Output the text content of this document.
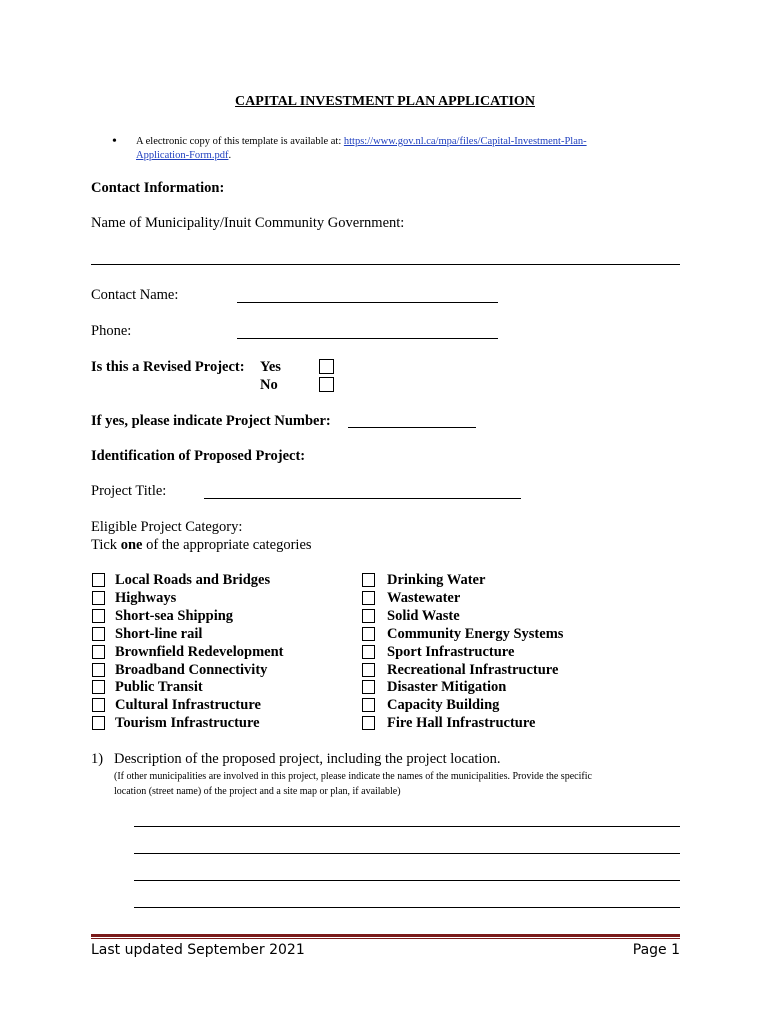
CAPITAL INVESTMENT PLAN APPLICATION
• A electronic copy of this template is available at: https://www.gov.nl.ca/mpa/files/Capital-Investment-Plan-
Application-Form.pdf.
Contact Information:
Name of Municipality/Inuit Community Government:
Contact Name:
Phone:
Is this a Revised Project: Yes
No
If yes, please indicate Project Number:
Identification of Proposed Project:
Project Title:
Eligible Project Category:
Tick one of the appropriate categories
Local Roads and Bridges
Highways
Short-sea Shipping
Short-line rail
Brownfield Redevelopment
Broadband Connectivity
Public Transit
Cultural Infrastructure
Tourism Infrastructure
Drinking Water
Wastewater
Solid Waste
Community Energy Systems
Sport Infrastructure
Recreational Infrastructure
Disaster Mitigation
Capacity Building
Fire Hall Infrastructure
1) Description of the proposed project, including the project location.
(If other municipalities are involved in this project, please indicate the names of the municipalities. Provide the specific
location (street name) of the project and a site map or plan, if available)
Last updated September 2021	Page 1
